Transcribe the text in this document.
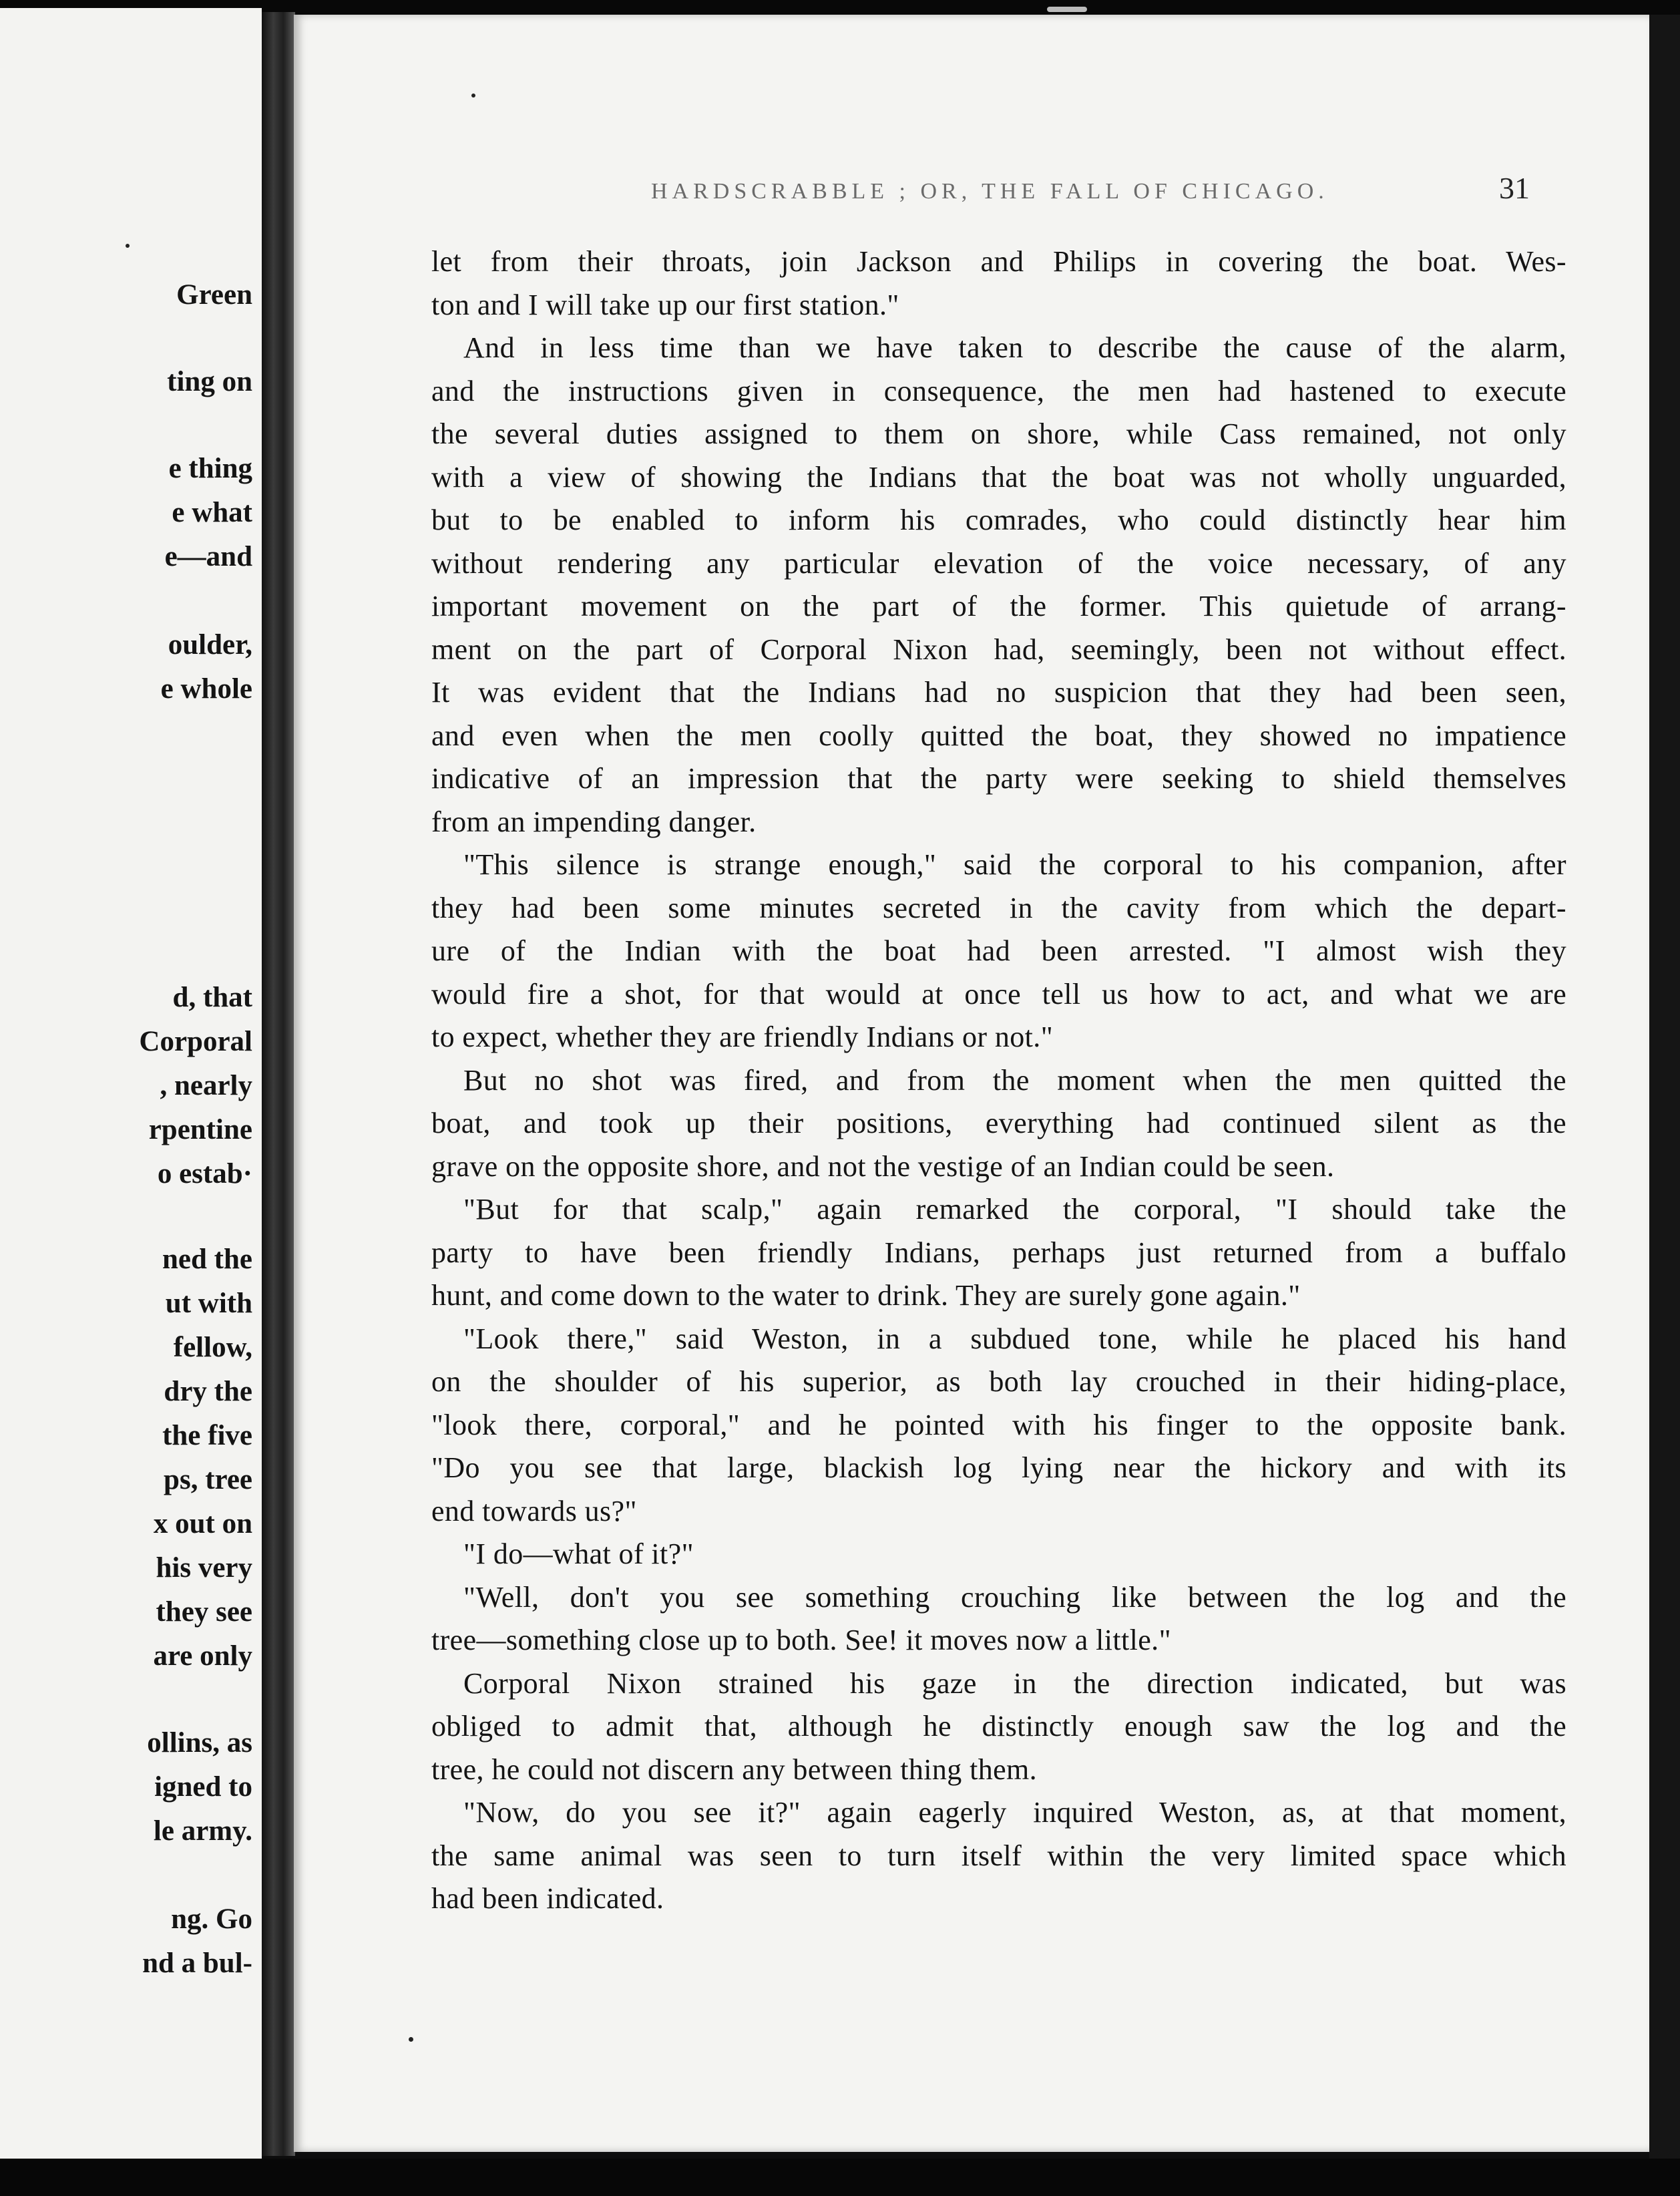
Green
ting on
e thing
e what
e—and
oulder,
e whole
d, that
Corporal
, nearly
rpentine
o estab·
ned the
ut with
fellow,
dry the
the five
ps, tree
x out on
his very
they see
are only
ollins, as
igned to
le army.
ng. Go
nd a bul-
HARDSCRABBLE ; OR, THE FALL OF CHICAGO.	31
let from their throats, join Jackson and Philips in covering the boat. Wes-
ton and I will take up our first station."
And in less time than we have taken to describe the cause of the alarm,
and the instructions given in consequence, the men had hastened to execute
the several duties assigned to them on shore, while Cass remained, not only
with a view of showing the Indians that the boat was not wholly unguarded,
but to be enabled to inform his comrades, who could distinctly hear him
without rendering any particular elevation of the voice necessary, of any
important movement on the part of the former. This quietude of arrang-
ment on the part of Corporal Nixon had, seemingly, been not without effect.
It was evident that the Indians had no suspicion that they had been seen,
and even when the men coolly quitted the boat, they showed no impatience
indicative of an impression that the party were seeking to shield themselves
from an impending danger.
"This silence is strange enough," said the corporal to his companion, after
they had been some minutes secreted in the cavity from which the depart-
ure of the Indian with the boat had been arrested. "I almost wish they
would fire a shot, for that would at once tell us how to act, and what we are
to expect, whether they are friendly Indians or not."
But no shot was fired, and from the moment when the men quitted the
boat, and took up their positions, everything had continued silent as the
grave on the opposite shore, and not the vestige of an Indian could be seen.
"But for that scalp," again remarked the corporal, "I should take the
party to have been friendly Indians, perhaps just returned from a buffalo
hunt, and come down to the water to drink. They are surely gone again."
"Look there," said Weston, in a subdued tone, while he placed his hand
on the shoulder of his superior, as both lay crouched in their hiding-place,
"look there, corporal," and he pointed with his finger to the opposite bank.
"Do you see that large, blackish log lying near the hickory and with its
end towards us?"
"I do—what of it?"
"Well, don't you see something crouching like between the log and the
tree—something close up to both. See! it moves now a little."
Corporal Nixon strained his gaze in the direction indicated, but was
obliged to admit that, although he distinctly enough saw the log and the
tree, he could not discern any between thing them.
"Now, do you see it?" again eagerly inquired Weston, as, at that moment,
the same animal was seen to turn itself within the very limited space which
had been indicated.
